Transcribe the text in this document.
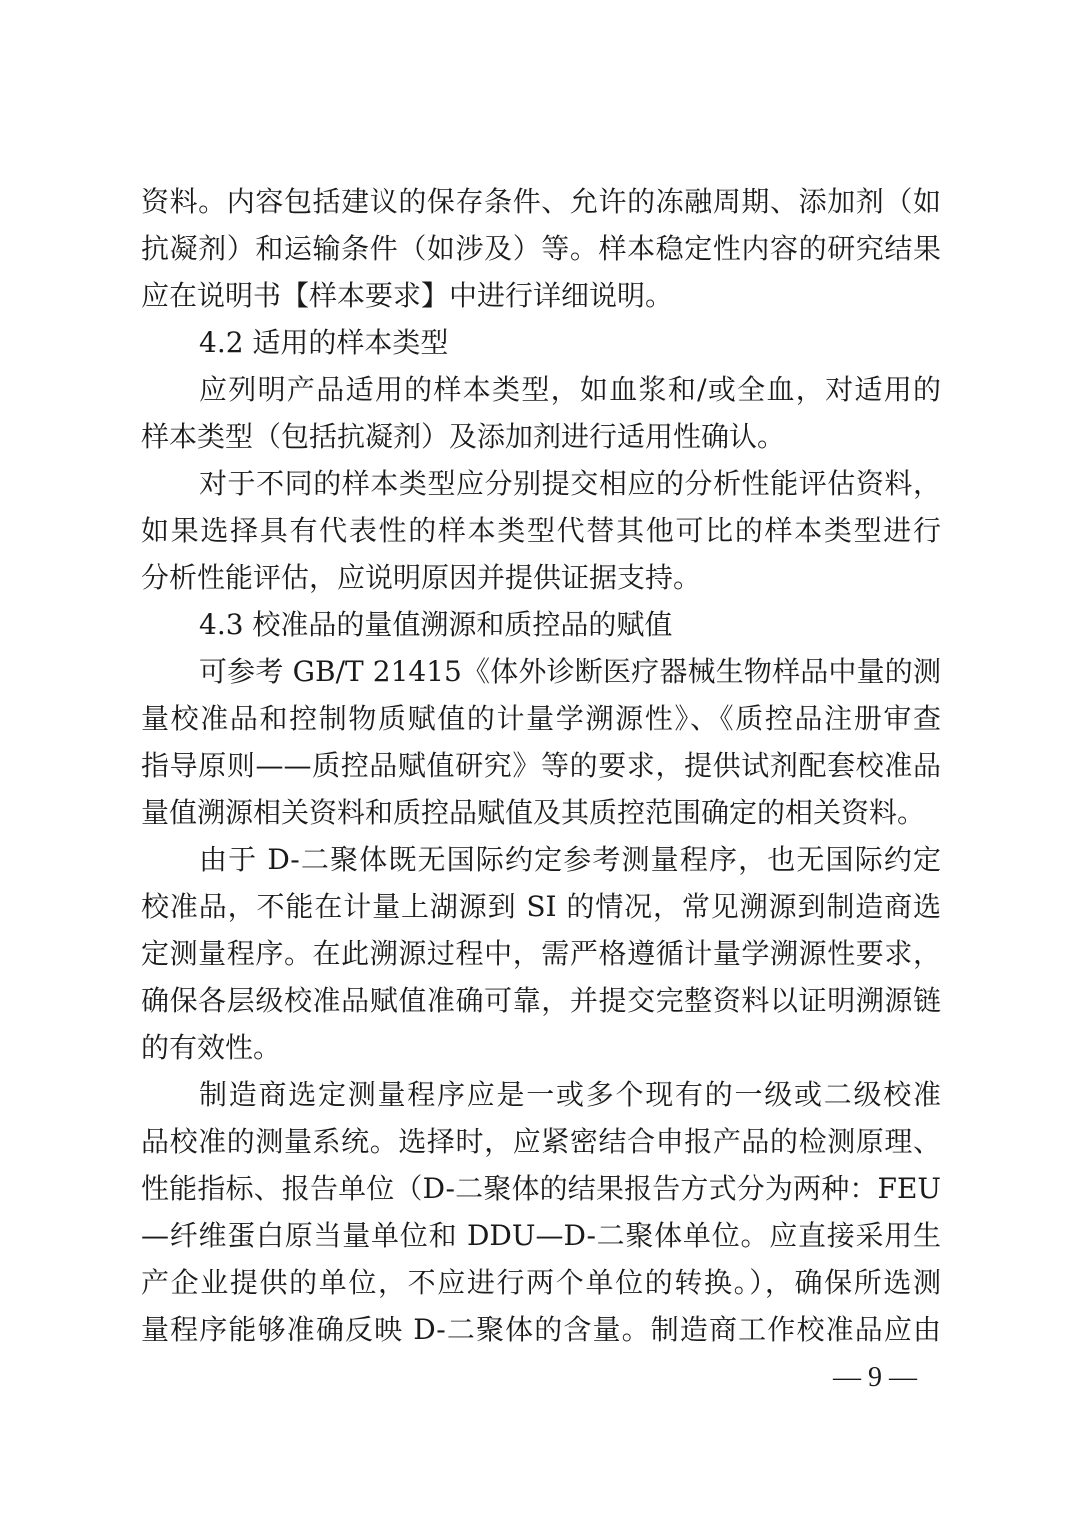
资料。内容包括建议的保存条件、允许的冻融周期、添加剂（如
抗凝剂）和运输条件（如涉及）等。样本稳定性内容的研究结果
应在说明书【样本要求】中进行详细说明。
4.2 适用的样本类型
应列明产品适用的样本类型，如血浆和/或全血，对适用的
样本类型（包括抗凝剂）及添加剂进行适用性确认。
对于不同的样本类型应分别提交相应的分析性能评估资料，
如果选择具有代表性的样本类型代替其他可比的样本类型进行
分析性能评估，应说明原因并提供证据支持。
4.3 校准品的量值溯源和质控品的赋值
可参考 GB/T 21415《体外诊断医疗器械生物样品中量的测
量校准品和控制物质赋值的计量学溯源性》、《质控品注册审查
指导原则——质控品赋值研究》等的要求，提供试剂配套校准品
量值溯源相关资料和质控品赋值及其质控范围确定的相关资料。
由于 D-二聚体既无国际约定参考测量程序，也无国际约定
校准品，不能在计量上湖源到 SI 的情况，常见溯源到制造商选
定测量程序。在此溯源过程中，需严格遵循计量学溯源性要求，
确保各层级校准品赋值准确可靠，并提交完整资料以证明溯源链
的有效性。
制造商选定测量程序应是一或多个现有的一级或二级校准
品校准的测量系统。选择时，应紧密结合申报产品的检测原理、
性能指标、报告单位（D-二聚体的结果报告方式分为两种：FEU
—纤维蛋白原当量单位和 DDU—D-二聚体单位。应直接采用生
产企业提供的单位，不应进行两个单位的转换。），确保所选测
量程序能够准确反映 D-二聚体的含量。制造商工作校准品应由
— 9 —
